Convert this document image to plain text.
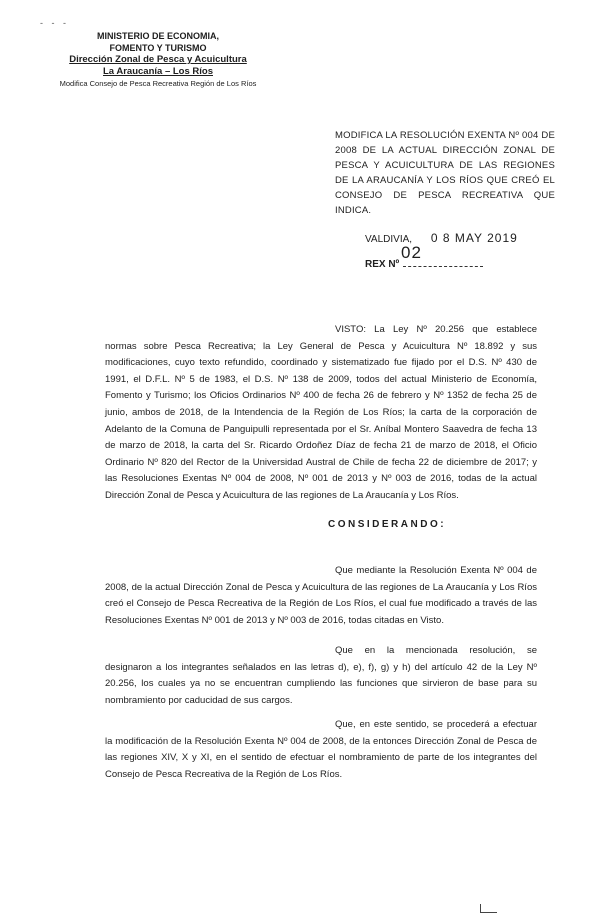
- - -
MINISTERIO DE ECONOMIA,
FOMENTO Y TURISMO
Dirección Zonal de Pesca y Acuicultura
La Araucanía – Los Ríos
Modifica Consejo de Pesca Recreativa Región de Los Ríos
MODIFICA LA RESOLUCIÓN EXENTA Nº 004 DE 2008 DE LA ACTUAL DIRECCIÓN ZONAL DE PESCA Y ACUICULTURA DE LAS REGIONES DE LA ARAUCANÍA Y LOS RÍOS QUE CREÓ EL CONSEJO DE PESCA RECREATIVA QUE INDICA.
VALDIVIA, 0 8 MAY 2019
REX Nº
02
VISTO: La Ley Nº 20.256 que establece normas sobre Pesca Recreativa; la Ley General de Pesca y Acuicultura Nº 18.892 y sus modificaciones, cuyo texto refundido, coordinado y sistematizado fue fijado por el D.S. Nº 430 de 1991, el D.F.L. Nº 5 de 1983, el D.S. Nº 138 de 2009, todos del actual Ministerio de Economía, Fomento y Turismo; los Oficios Ordinarios Nº 400 de fecha 26 de febrero y Nº 1352 de fecha 25 de junio, ambos de 2018, de la Intendencia de la Región de Los Ríos; la carta de la corporación de Adelanto de la Comuna de Panguipulli representada por el Sr. Aníbal Montero Saavedra de fecha 13 de marzo de 2018, la carta del Sr. Ricardo Ordoñez Díaz de fecha 21 de marzo de 2018, el Oficio Ordinario Nº 820 del Rector de la Universidad Austral de Chile de fecha 22 de diciembre de 2017; y las Resoluciones Exentas Nº 004 de 2008, Nº 001 de 2013 y Nº 003 de 2016, todas de la actual Dirección Zonal de Pesca y Acuicultura de las regiones de La Araucanía y Los Ríos.
CONSIDERANDO:
Que mediante la Resolución Exenta Nº 004 de 2008, de la actual Dirección Zonal de Pesca y Acuicultura de las regiones de La Araucanía y Los Ríos creó el Consejo de Pesca Recreativa de la Región de Los Ríos, el cual fue modificado a través de las Resoluciones Exentas Nº 001 de 2013 y Nº 003 de 2016, todas citadas en Visto.
Que en la mencionada resolución, se designaron a los integrantes señalados en las letras d), e), f), g) y h) del artículo 42 de la Ley Nº 20.256, los cuales ya no se encuentran cumpliendo las funciones que sirvieron de base para su nombramiento por caducidad de sus cargos.
Que, en este sentido, se procederá a efectuar la modificación de la Resolución Exenta Nº 004 de 2008, de la entonces Dirección Zonal de Pesca de las regiones XIV, X y XI, en el sentido de efectuar el nombramiento de parte de los integrantes del Consejo de Pesca Recreativa de la Región de Los Ríos.
